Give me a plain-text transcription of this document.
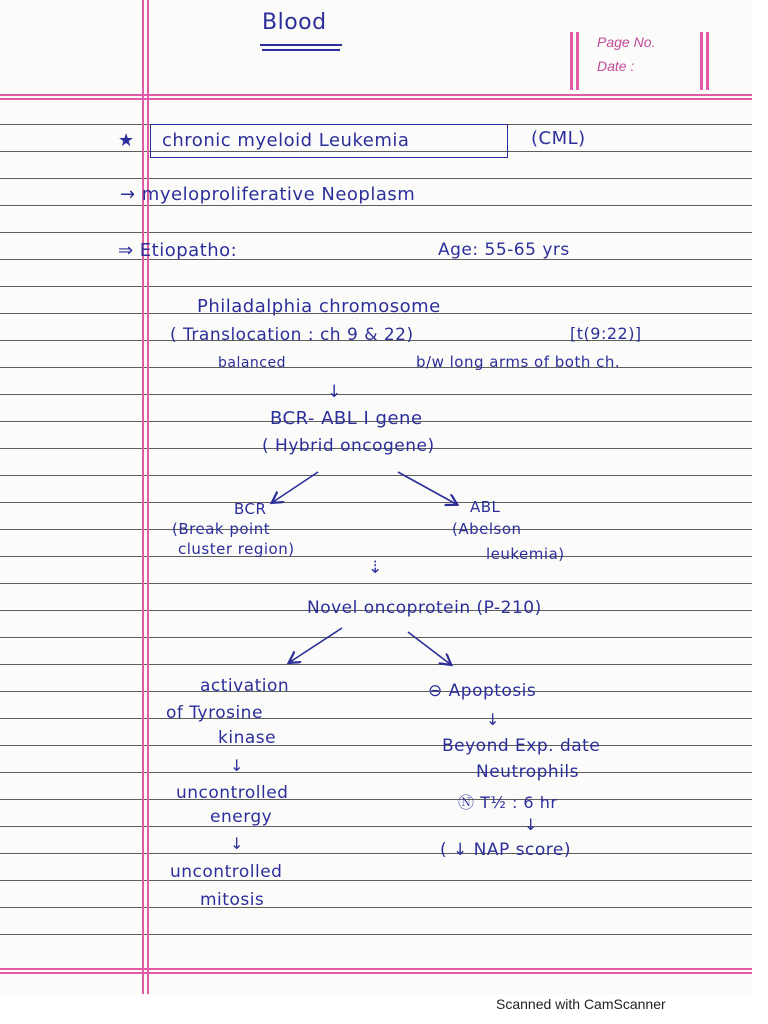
Page No.
Date :
Blood
★ chronic myeloid Leukemia	(CML)
→ myeloproliferative Neoplasm
⇒ Etiopatho:	Age: 55-65 yrs
Philadalphia chromosome
( Translocation : ch 9 & 22)	[t(9:22)]
balanced	b/w long arms of both ch.
↓
BCR- ABL I gene
( Hybrid oncogene)
BCR
(Break point
cluster region)
ABL
(Abelson
leukemia)
⇣
Novel oncoprotein (P-210)
activation
of Tyrosine
kinase
↓
uncontrolled
energy
↓
uncontrolled
mitosis
⊖ Apoptosis
↓
Beyond Exp. date
Neutrophils
Ⓝ T½ : 6 hr
↓
( ↓ NAP score)
Scanned with CamScanner
